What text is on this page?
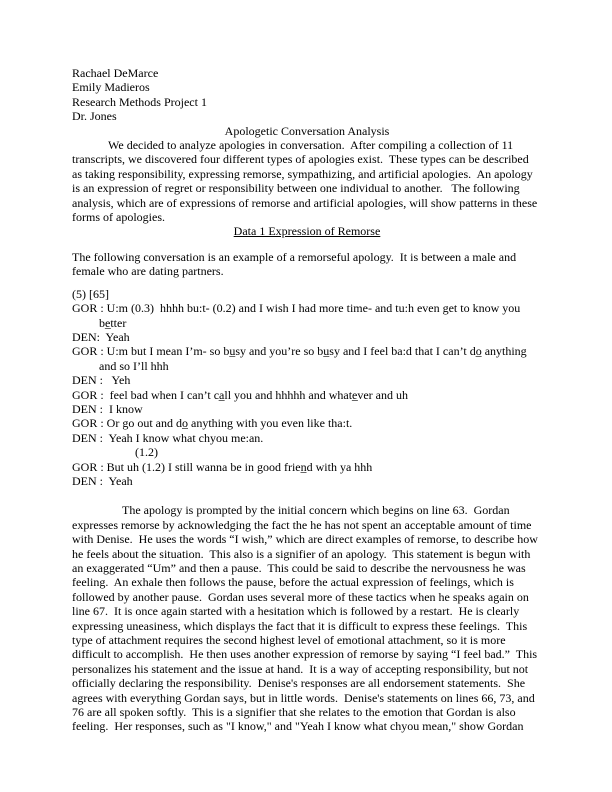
Rachael DeMarce
Emily Madieros
Research Methods Project 1
Dr. Jones
Apologetic Conversation Analysis
We decided to analyze apologies in conversation.  After compiling a collection of 11
transcripts, we discovered four different types of apologies exist.  These types can be described
as taking responsibility, expressing remorse, sympathizing, and artificial apologies.  An apology
is an expression of regret or responsibility between one individual to another.   The following
analysis, which are of expressions of remorse and artificial apologies, will show patterns in these
forms of apologies.
Data 1 Expression of Remorse
The following conversation is an example of a remorseful apology.  It is between a male and
female who are dating partners.
(5) [65]
GOR : U:m (0.3)  hhhh bu:t- (0.2) and I wish I had more time- and tu:h even get to know you
be̲tter
DEN:  Yeah
GOR : U:m but I mean I’m- so bu̲sy and you’re so bu̲sy and I feel ba:d that I can’t do̲ anything
and so I’ll hhh
DEN :   Yeh
GOR :  feel bad when I can’t ca̲ll you and hhhhh and whate̲ver and uh
DEN :  I know
GOR : Or go out and do̲ anything with you even like tha:t.
DEN :  Yeah I know what chyou me:an.
(1.2)
GOR : But uh (1.2) I still wanna be in good frien̲d with ya hhh
DEN :  Yeah
The apology is prompted by the initial concern which begins on line 63.  Gordan
expresses remorse by acknowledging the fact the he has not spent an acceptable amount of time
with Denise.  He uses the words “I wish,” which are direct examples of remorse, to describe how
he feels about the situation.  This also is a signifier of an apology.  This statement is begun with
an exaggerated “Um” and then a pause.  This could be said to describe the nervousness he was
feeling.  An exhale then follows the pause, before the actual expression of feelings, which is
followed by another pause.  Gordan uses several more of these tactics when he speaks again on
line 67.  It is once again started with a hesitation which is followed by a restart.  He is clearly
expressing uneasiness, which displays the fact that it is difficult to express these feelings.  This
type of attachment requires the second highest level of emotional attachment, so it is more
difficult to accomplish.  He then uses another expression of remorse by saying “I feel bad.”  This
personalizes his statement and the issue at hand.  It is a way of accepting responsibility, but not
officially declaring the responsibility.  Denise's responses are all endorsement statements.  She
agrees with everything Gordan says, but in little words.  Denise's statements on lines 66, 73, and
76 are all spoken softly.  This is a signifier that she relates to the emotion that Gordan is also
feeling.  Her responses, such as "I know," and "Yeah I know what chyou mean," show Gordan
